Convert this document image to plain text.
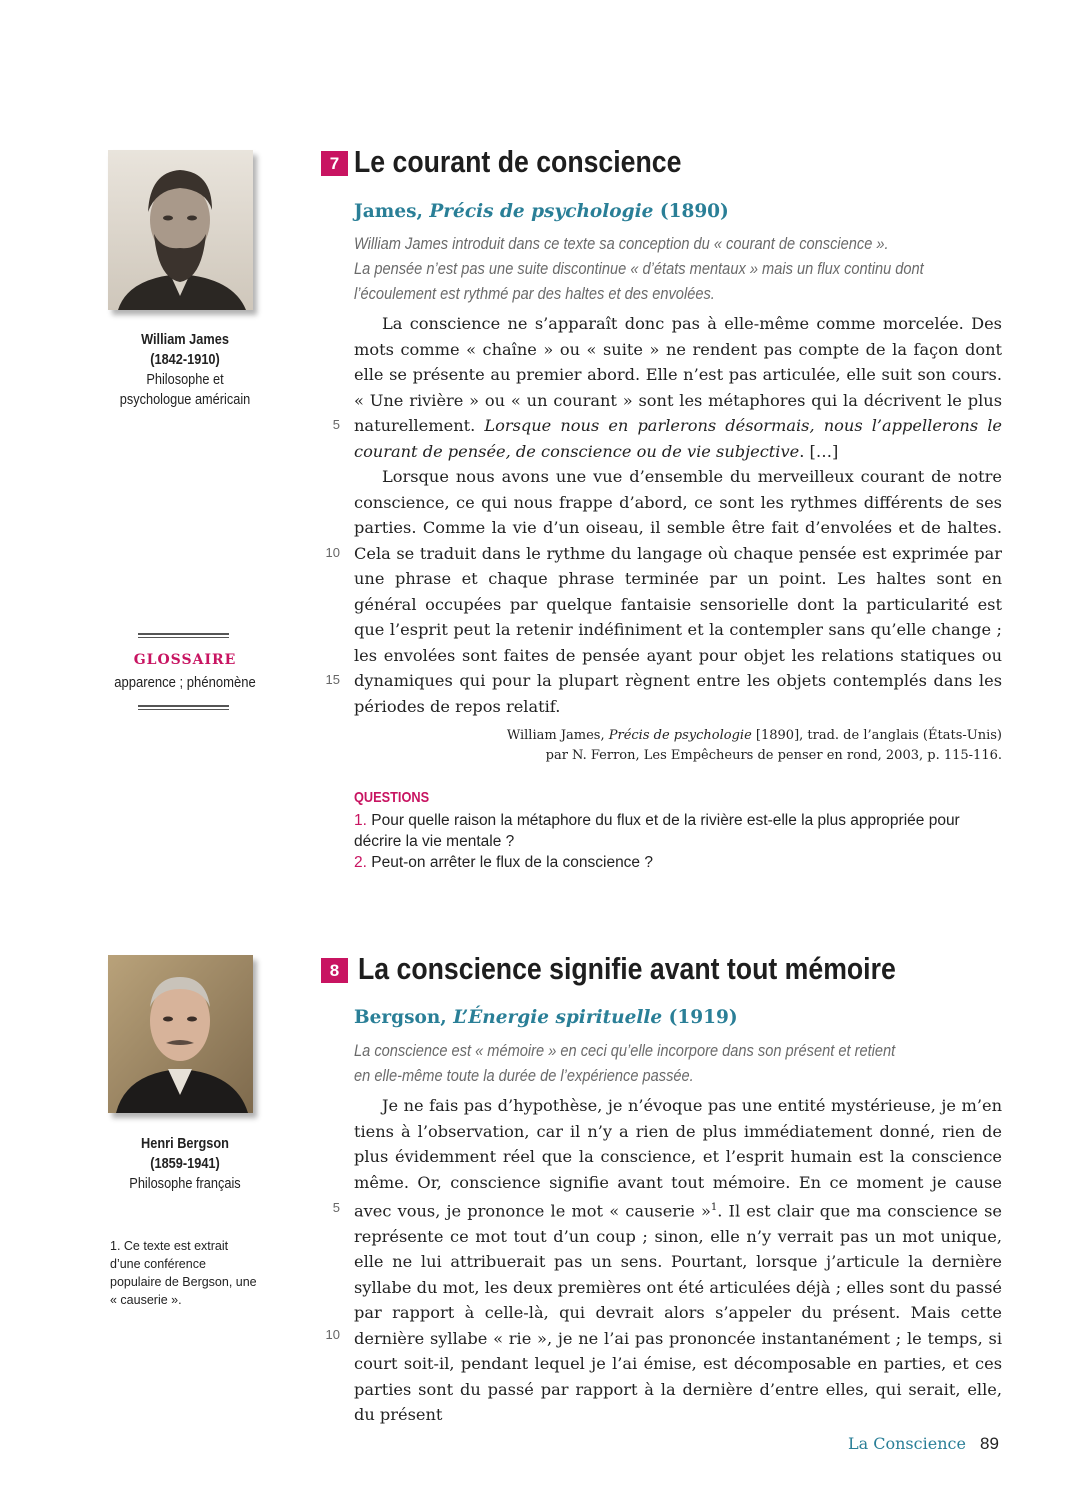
William James
(1842-1910)
Philosophe et
psychologue américain
GLOSSAIRE
apparence ; phénomène
7 Le courant de conscience
James, Précis de psychologie (1890)
William James introduit dans ce texte sa conception du « courant de conscience ».
La pensée n’est pas une suite discontinue « d’états mentaux » mais un flux continu dont
l’écoulement est rythmé par des haltes et des envolées.

La conscience ne s’apparaît donc pas à elle-même comme morcelée. Des mots comme « chaîne » ou « suite » ne rendent pas compte de la façon dont elle se présente au premier abord. Elle n’est pas articulée, elle suit son cours. « Une rivière » ou « un courant » sont les métaphores qui la décrivent le plus naturellement. Lorsque nous en parlerons désormais, nous l’appellerons le courant de pensée, de conscience ou de vie subjective. […]

Lorsque nous avons une vue d’ensemble du merveilleux courant de notre conscience, ce qui nous frappe d’abord, ce sont les rythmes différents de ses parties. Comme la vie d’un oiseau, il semble être fait d’envolées et de haltes. Cela se traduit dans le rythme du langage où chaque pensée est exprimée par une phrase et chaque phrase terminée par un point. Les haltes sont en général occupées par quelque fantaisie sensorielle dont la particularité est que l’esprit peut la retenir indéfiniment et la contempler sans qu’elle change ; les envolées sont faites de pensée ayant pour objet les relations statiques ou dynamiques qui pour la plupart règnent entre les objets contemplés dans les périodes de repos relatif.

5
10
15
William James, Précis de psychologie [1890], trad. de l’anglais (États-Unis)
par N. Ferron, Les Empêcheurs de penser en rond, 2003, p. 115-116.
QUESTIONS
1. Pour quelle raison la métaphore du flux et de la rivière est-elle la plus appropriée pour décrire la vie mentale ?
2. Peut-on arrêter le flux de la conscience ?
Henri Bergson
(1859-1941)
Philosophe français
1. Ce texte est extrait d’une conférence populaire de Bergson, une « causerie ».
8 La conscience signifie avant tout mémoire
Bergson, L’Énergie spirituelle (1919)
La conscience est « mémoire » en ceci qu’elle incorpore dans son présent et retient
en elle-même toute la durée de l’expérience passée.

Je ne fais pas d’hypothèse, je n’évoque pas une entité mystérieuse, je m’en tiens à l’observation, car il n’y a rien de plus immédiatement donné, rien de plus évidemment réel que la conscience, et l’esprit humain est la conscience même. Or, conscience signifie avant tout mémoire. En ce moment je cause avec vous, je prononce le mot « causerie »$^1$. Il est clair que ma conscience se représente ce mot tout d’un coup ; sinon, elle n’y verrait pas un mot unique, elle ne lui attribuerait pas un sens. Pourtant, lorsque j’articule la dernière syllabe du mot, les deux premières ont été articulées déjà ; elles sont du passé par rapport à celle-là, qui devrait alors s’appeler du présent. Mais cette dernière syllabe « rie », je ne l’ai pas prononcée instantanément ; le temps, si court soit-il, pendant lequel je l’ai émise, est décomposable en parties, et ces parties sont du passé par rapport à la dernière d’entre elles, qui serait, elle, du présent

5
10
La Conscience 89
